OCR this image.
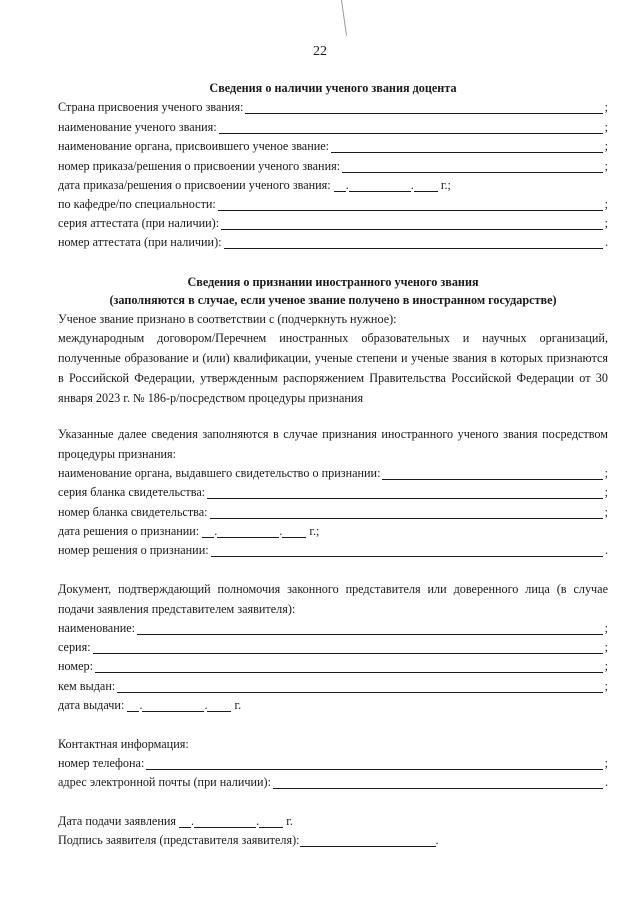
22
Сведения о наличии ученого звания доцента
Страна присвоения ученого звания:	;
наименование ученого звания:	;
наименование органа, присвоившего ученое звание:	;
номер приказа/решения о присвоении ученого звания:	;
дата приказа/решения о присвоении ученого звания: .	. г.;
по кафедре/по специальности:	;
серия аттестата (при наличии):	;
номер аттестата (при наличии):	.
Сведения о признании иностранного ученого звания
(заполняются в случае, если ученое звание получено в иностранном государстве)
Ученое звание признано в соответствии с (подчеркнуть нужное):
международным договором/Перечнем иностранных образовательных и научных организаций, полученные образование и (или) квалификации, ученые степени и ученые звания в которых признаются в Российской Федерации, утвержденным распоряжением Правительства Российской Федерации от 30 января 2023 г. № 186-р/посредством процедуры признания
Указанные далее сведения заполняются в случае признания иностранного ученого звания посредством процедуры признания:
наименование органа, выдавшего свидетельство о признании:	;
серия бланка свидетельства:	;
номер бланка свидетельства:	;
дата решения о признании: .	. г.;
номер решения о признании:	.
Документ, подтверждающий полномочия законного представителя или доверенного лица (в случае подачи заявления представителем заявителя):
наименование:	;
серия:	;
номер:	;
кем выдан:	;
дата выдачи: .	. г.
Контактная информация:
номер телефона:	;
адрес электронной почты (при наличии):	.
Дата подачи заявления .	. г.
Подпись заявителя (представителя заявителя):	.
